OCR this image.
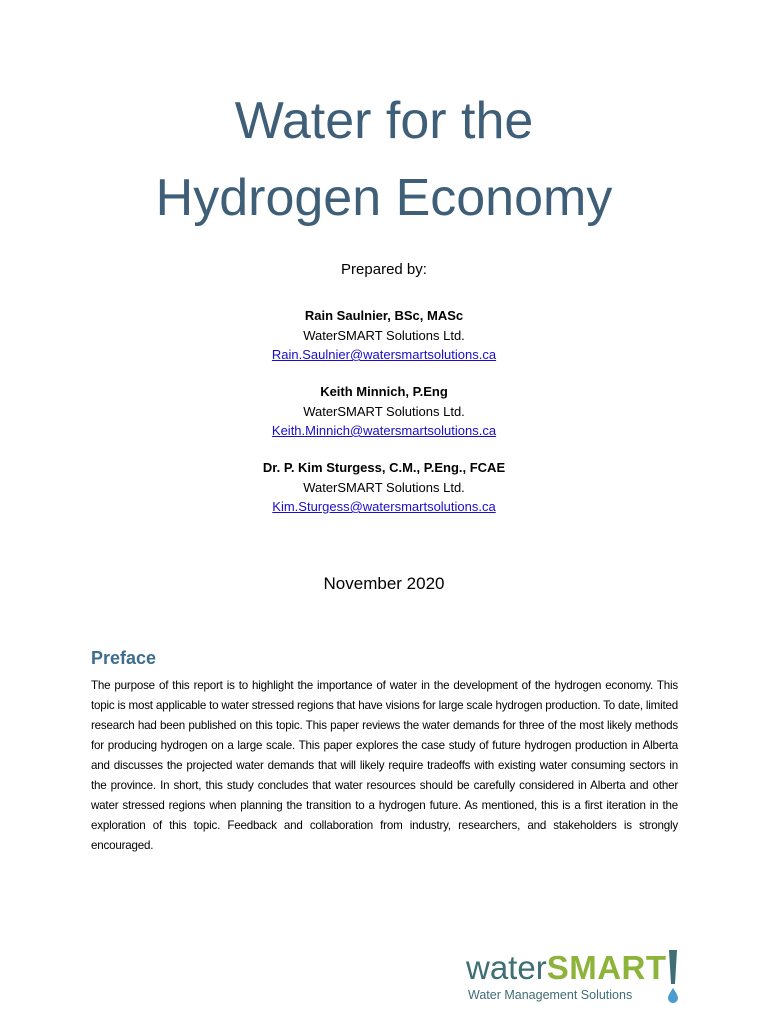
Water for the
Hydrogen Economy
Prepared by:
Rain Saulnier, BSc, MASc
WaterSMART Solutions Ltd.
Rain.Saulnier@watersmartsolutions.ca
Keith Minnich, P.Eng
WaterSMART Solutions Ltd.
Keith.Minnich@watersmartsolutions.ca
Dr. P. Kim Sturgess, C.M., P.Eng., FCAE
WaterSMART Solutions Ltd.
Kim.Sturgess@watersmartsolutions.ca
November 2020
Preface

The purpose of this report is to highlight the importance of water in the development of the hydrogen economy. This topic is most applicable to water stressed regions that have visions for large scale hydrogen production. To date, limited research had been published on this topic. This paper reviews the water demands for three of the most likely methods for producing hydrogen on a large scale. This paper explores the case study of future hydrogen production in Alberta and discusses the projected water demands that will likely require tradeoffs with existing water consuming sectors in the province. In short, this study concludes that water resources should be carefully considered in Alberta and other water stressed regions when planning the transition to a hydrogen future. As mentioned, this is a first iteration in the exploration of this topic. Feedback and collaboration from industry, researchers, and stakeholders is strongly encouraged.

waterSMART
Water Management Solutions
